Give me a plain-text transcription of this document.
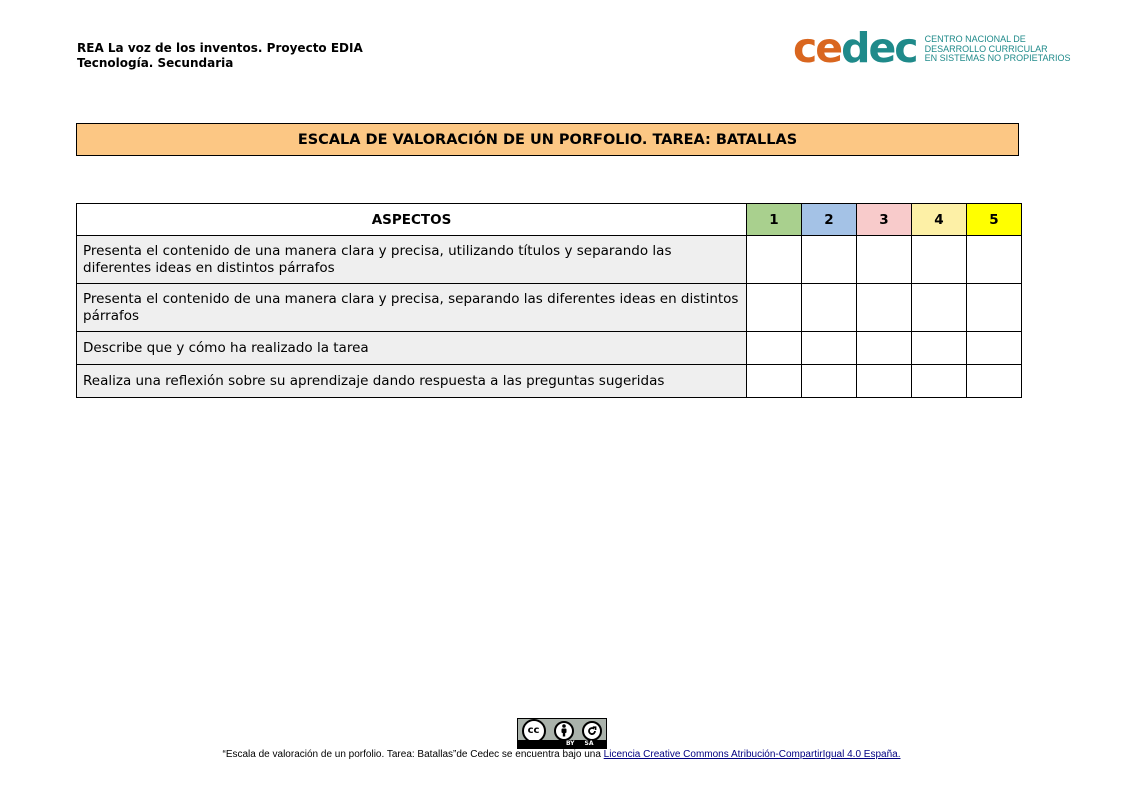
REA La voz de los inventos. Proyecto EDIA
Tecnología. Secundaria	cedec CENTRO NACIONAL DE
DESARROLLO CURRICULAR
EN SISTEMAS NO PROPIETARIOS
ESCALA DE VALORACIÓN DE UN PORFOLIO. TAREA: BATALLAS
ASPECTOS	1	2	3	4	5
Presenta el contenido de una manera clara y precisa, utilizando títulos y separando las diferentes ideas en distintos párrafos					
Presenta el contenido de una manera clara y precisa, separando las diferentes ideas en distintos párrafos					
Describe que y cómo ha realizado la tarea					
Realiza una reflexión sobre su aprendizaje dando respuesta a las preguntas sugeridas					
cc
BY SA
“Escala de valoración de un porfolio. Tarea: Batallas”de Cedec se encuentra bajo una Licencia Creative Commons Atribución-CompartirIgual 4.0 España.
